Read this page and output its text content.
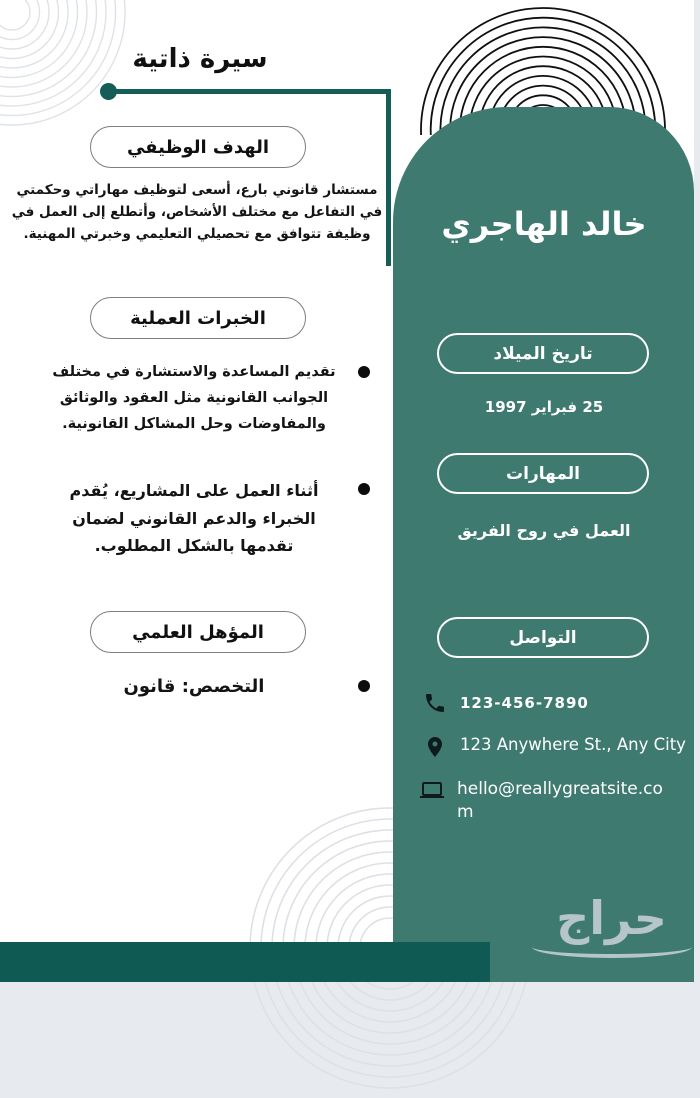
سيرة ذاتية
الهدف الوظيفي
مستشار قانوني بارع، أسعى لتوظيف مهاراتي وحكمتي في التفاعل مع مختلف الأشخاص، وأتطلع إلى العمل في وظيفة تتوافق مع تحصيلي التعليمي وخبرتي المهنية.
الخبرات العملية
تقديم المساعدة والاستشارة في مختلف الجوانب القانونية مثل العقود والوثائق والمفاوضات وحل المشاكل القانونية.
أثناء العمل على المشاريع، يُقدم الخبراء والدعم القانوني لضمان تقدمها بالشكل المطلوب.
المؤهل العلمي
التخصص: قانون
خالد الهاجري
تاريخ الميلاد
25 فبراير 1997
المهارات
العمل في روح الفريق
التواصل
123-456-7890
123 Anywhere St., Any City
hello@reallygreatsite.com
حراج
